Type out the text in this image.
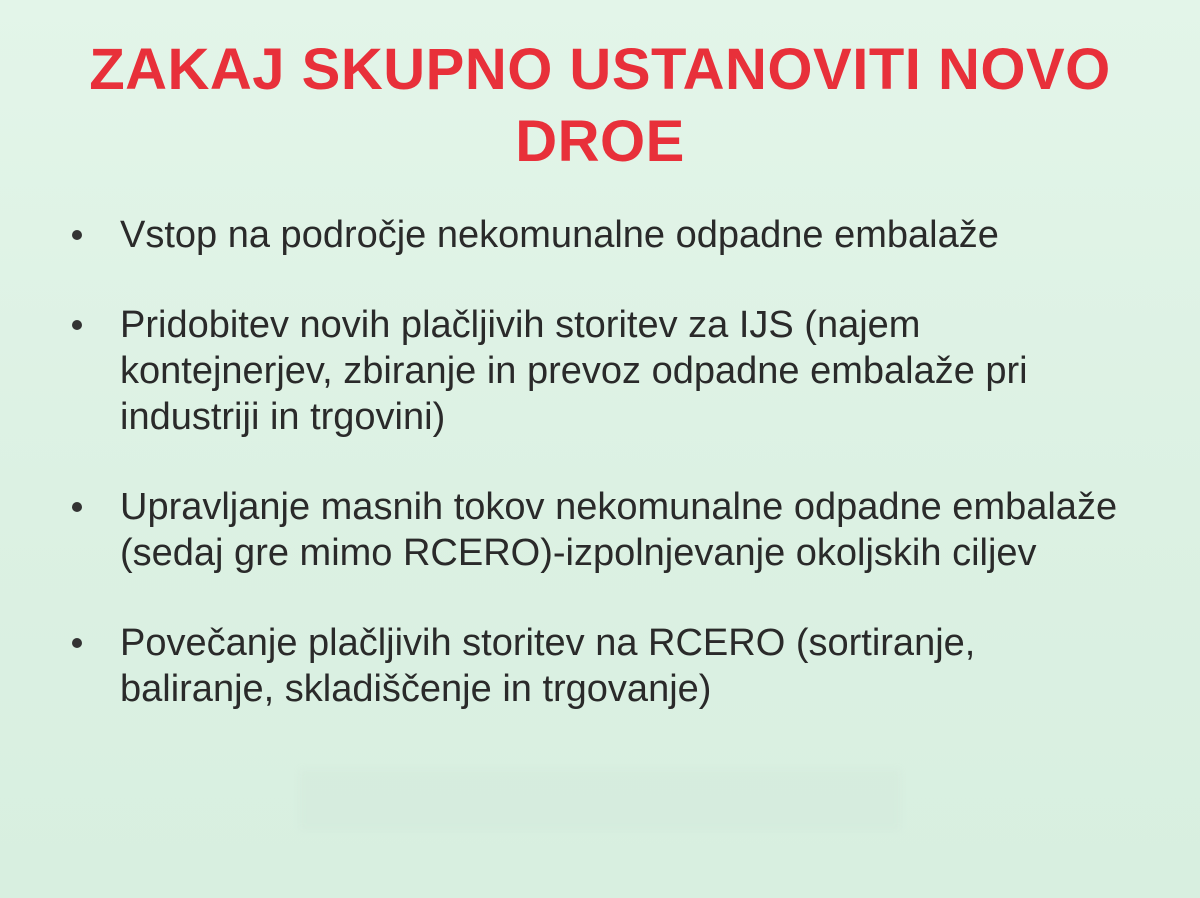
ZAKAJ SKUPNO USTANOVITI NOVO DROE
Vstop na področje nekomunalne odpadne embalaže
Pridobitev novih plačljivih storitev za IJS (najem kontejnerjev, zbiranje in prevoz odpadne embalaže pri industriji in trgovini)
Upravljanje masnih tokov nekomunalne odpadne embalaže (sedaj gre mimo RCERO)-izpolnjevanje okoljskih ciljev
Povečanje plačljivih storitev na RCERO (sortiranje, baliranje, skladiščenje in trgovanje)
